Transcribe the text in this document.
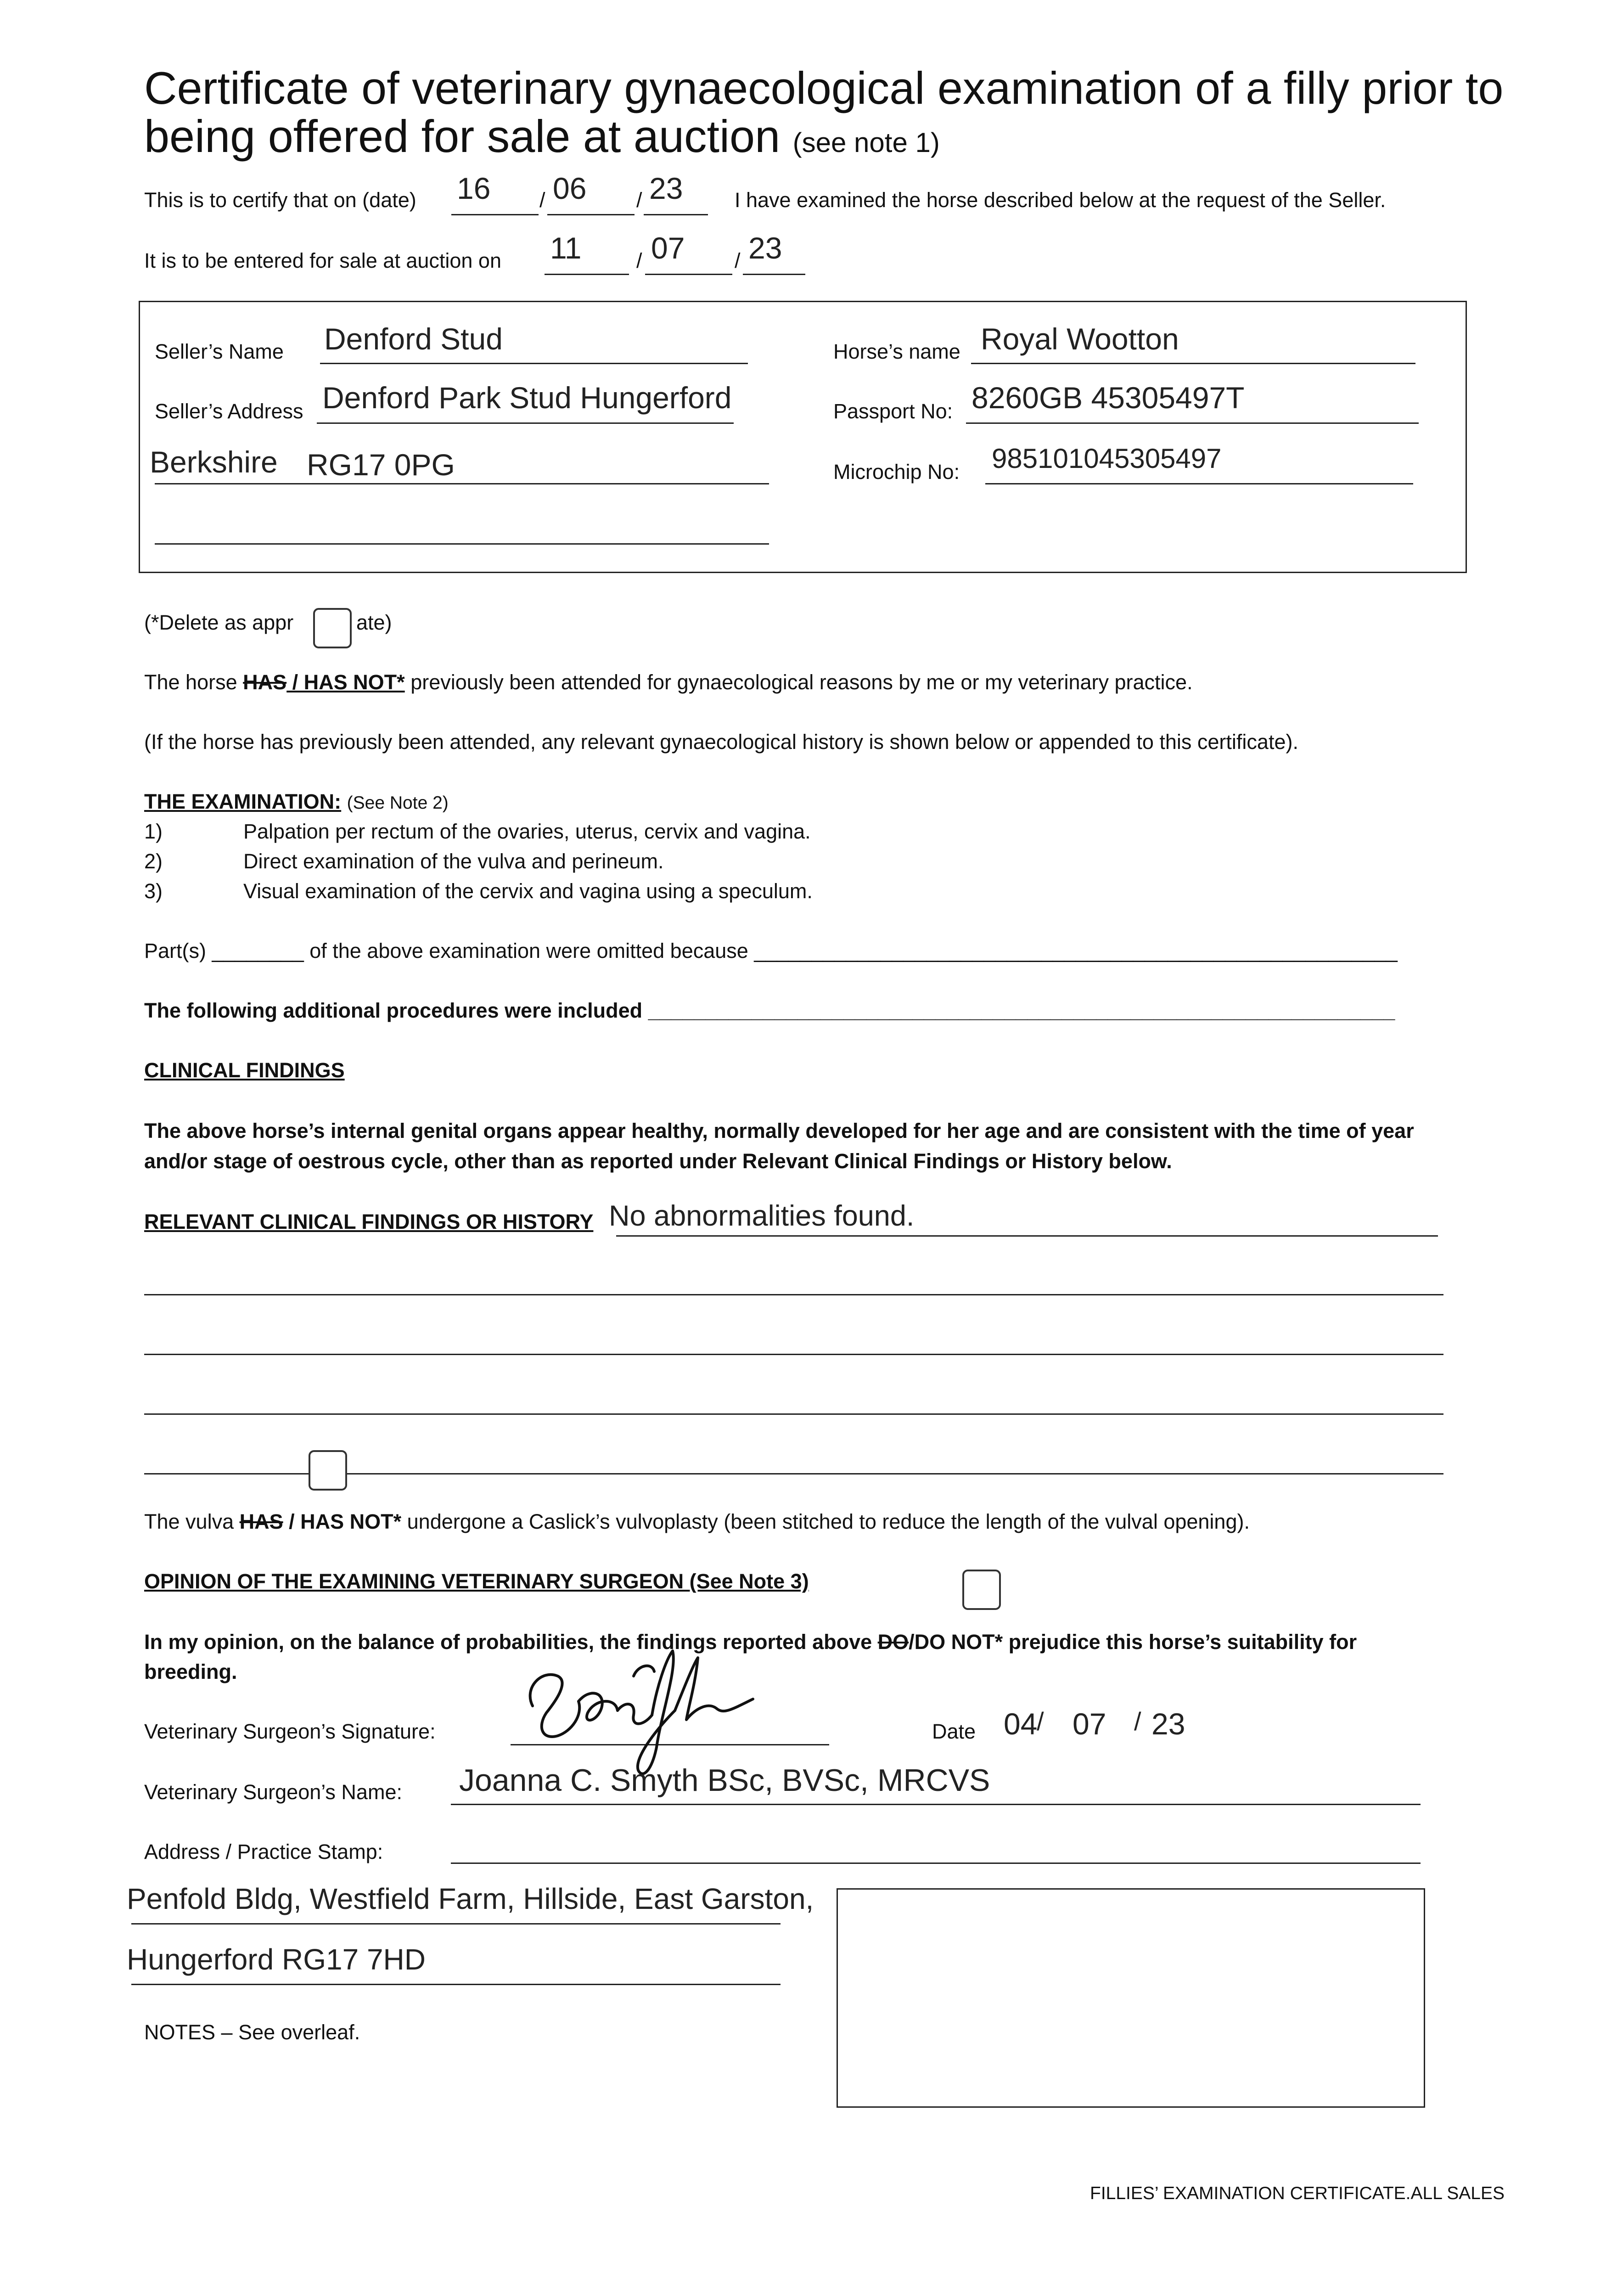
Certificate of veterinary gynaecological examination of a filly prior to
being offered for sale at auction (see note 1)
This is to certify that on (date) 16 / 06 / 23	I have examined the horse described below at the request of the Seller.
It is to be entered for sale at auction on 11	/ 07 / 23
Seller’s Name Denford Stud
Seller’s Address Denford Park Stud Hungerford
Berkshire RG17 0PG
Horse’s name Royal Wootton
Passport No: 8260GB 45305497T
Microchip No: 985101045305497
(*Delete as appr	ate)
The horse HAS / HAS NOT* previously been attended for gynaecological reasons by me or my veterinary practice.
(If the horse has previously been attended, any relevant gynaecological history is shown below or appended to this certificate).
THE EXAMINATION: (See Note 2)
1)	Palpation per rectum of the ovaries, uterus, cervix and vagina.
2)	Direct examination of the vulva and perineum.
3)	Visual examination of the cervix and vagina using a speculum.
Part(s) ________ of the above examination were omitted because ________________________________________________________
The following additional procedures were included _________________________________________________________________
CLINICAL FINDINGS
The above horse’s internal genital organs appear healthy, normally developed for her age and are consistent with the time of year
and/or stage of oestrous cycle, other than as reported under Relevant Clinical Findings or History below.
RELEVANT CLINICAL FINDINGS OR HISTORY No abnormalities found.
The vulva HAS / HAS NOT* undergone a Caslick’s vulvoplasty (been stitched to reduce the length of the vulval opening).
OPINION OF THE EXAMINING VETERINARY SURGEON (See Note 3)
In my opinion, on the balance of probabilities, the findings reported above DO/DO NOT* prejudice this horse’s suitability for
breeding.
Veterinary Surgeon’s Signature:	Date 04
/ 07 / 23
Veterinary Surgeon’s Name: Joanna C. Smyth BSc, BVSc, MRCVS
Address / Practice Stamp:
Penfold Bldg, Westfield Farm, Hillside, East Garston,
Hungerford RG17 7HD
NOTES – See overleaf.
FILLIES’ EXAMINATION CERTIFICATE.ALL SALES
